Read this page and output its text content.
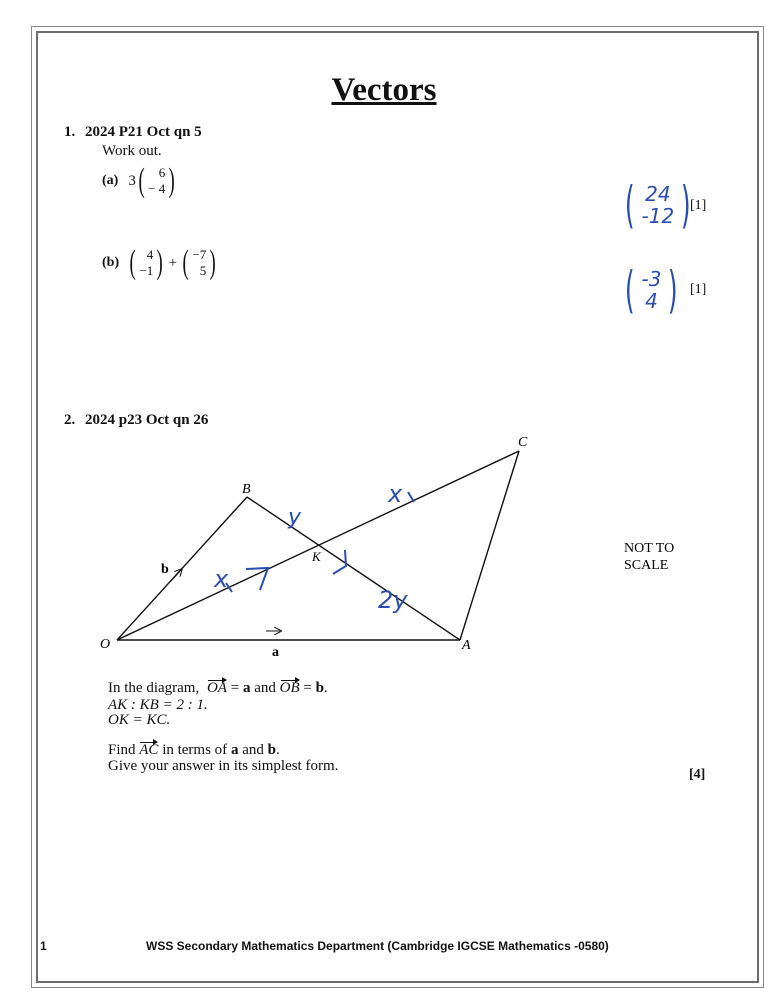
Vectors
1. 2024 P21 Oct qn 5
Work out.
(a) 3 ( 6
− 4 )	( 24
-12 ) [1]
(b) ( 4
−1 ) + ( −7
5 )	( -3
4 ) [1]
2. 2024 p23 Oct qn 26
O	A
B
C
K
a
b
x
y
x
2y
NOT TO
SCALE
In the diagram, OA = a and OB = b.
AK : KB = 2 : 1.
OK = KC.
Find AC in terms of a and b.
Give your answer in its simplest form.
[4]
1	WSS Secondary Mathematics Department (Cambridge IGCSE Mathematics -0580)
